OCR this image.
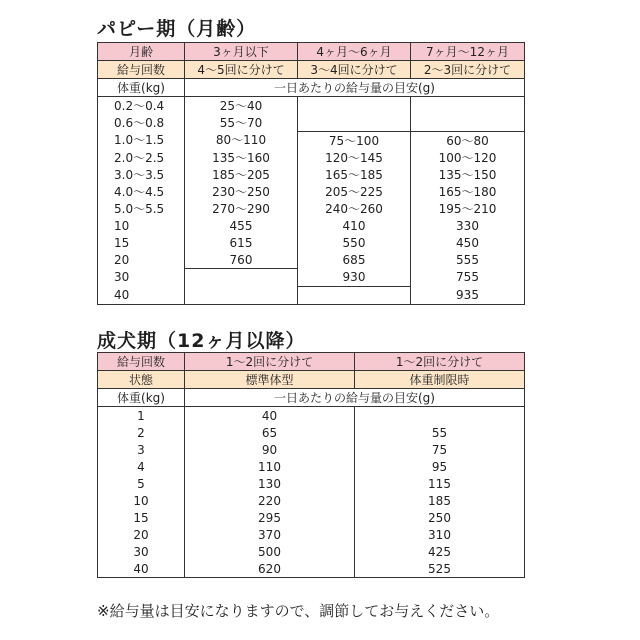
パピー期（月齢）
月齢	3ヶ月以下	4ヶ月〜6ヶ月	7ヶ月〜12ヶ月
給与回数	4〜5回に分けて	3〜4回に分けて	2〜3回に分けて
体重(kg)	一日あたりの給与量の目安(g)		
0.2〜0.4	25〜40		
0.6〜0.8	55〜70		
1.0〜1.5	80〜110	75〜100	60〜80
2.0〜2.5	135〜160	120〜145	100〜120
3.0〜3.5	185〜205	165〜185	135〜150
4.0〜4.5	230〜250	205〜225	165〜180
5.0〜5.5	270〜290	240〜260	195〜210
10	455	410	330
15	615	550	450
20	760	685	555
30		930	755
40			935
成犬期（12ヶ月以降）
給与回数	1〜2回に分けて	1〜2回に分けて
状態	標準体型	体重制限時
体重(kg)	一日あたりの給与量の目安(g)	
1	40	
2	65	55
3	90	75
4	110	95
5	130	115
10	220	185
15	295	250
20	370	310
30	500	425
40	620	525
※給与量は目安になりますので、調節してお与えください。
